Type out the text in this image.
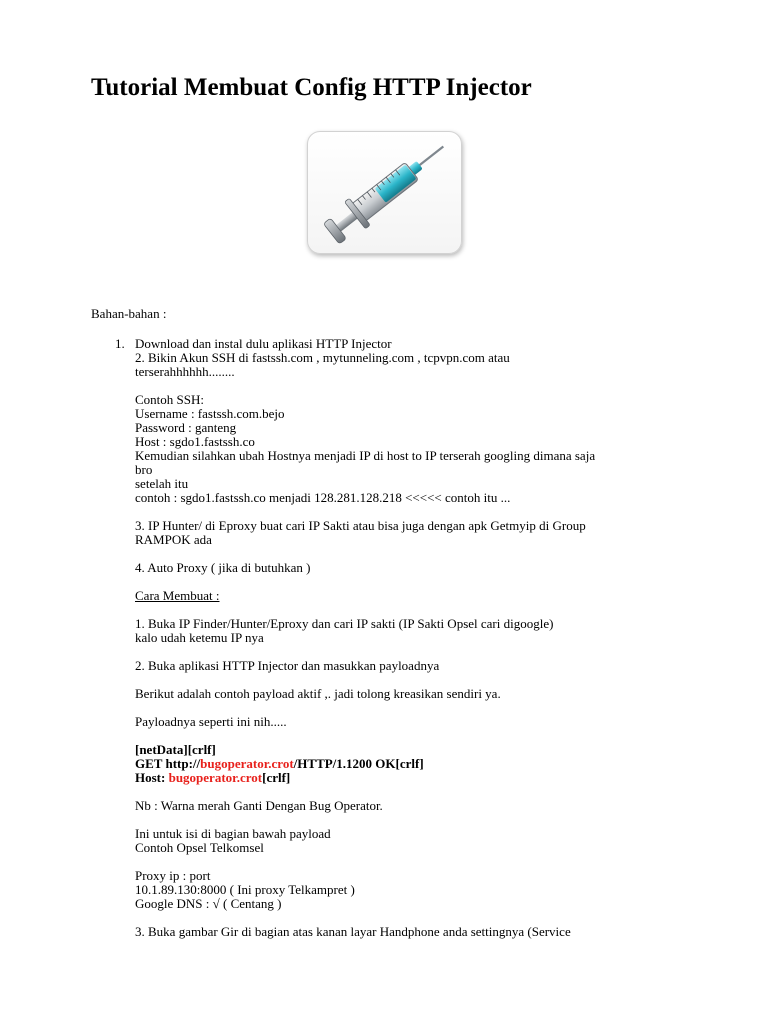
Tutorial Membuat Config HTTP Injector
Bahan-bahan :
1. Download dan instal dulu aplikasi HTTP Injector
2. Bikin Akun SSH di fastssh.com , mytunneling.com , tcpvpn.com atau
terserahhhhhh........
Contoh SSH:
Username : fastssh.com.bejo
Password : ganteng
Host : sgdo1.fastssh.co
Kemudian silahkan ubah Hostnya menjadi IP di host to IP terserah googling dimana saja
bro
setelah itu
contoh : sgdo1.fastssh.co menjadi 128.281.128.218 <<<<< contoh itu ...
3. IP Hunter/ di Eproxy buat cari IP Sakti atau bisa juga dengan apk Getmyip di Group
RAMPOK ada
4. Auto Proxy ( jika di butuhkan )
Cara Membuat :
1. Buka IP Finder/Hunter/Eproxy dan cari IP sakti (IP Sakti Opsel cari digoogle)
kalo udah ketemu IP nya
2. Buka aplikasi HTTP Injector dan masukkan payloadnya
Berikut adalah contoh payload aktif ,. jadi tolong kreasikan sendiri ya.
Payloadnya seperti ini nih.....
[netData][crlf]
GET http://bugoperator.crot/HTTP/1.1200 OK[crlf]
Host: bugoperator.crot[crlf]
Nb : Warna merah Ganti Dengan Bug Operator.
Ini untuk isi di bagian bawah payload
Contoh Opsel Telkomsel
Proxy ip : port
10.1.89.130:8000 ( Ini proxy Telkampret )
Google DNS : √ ( Centang )
3. Buka gambar Gir di bagian atas kanan layar Handphone anda settingnya (Service
